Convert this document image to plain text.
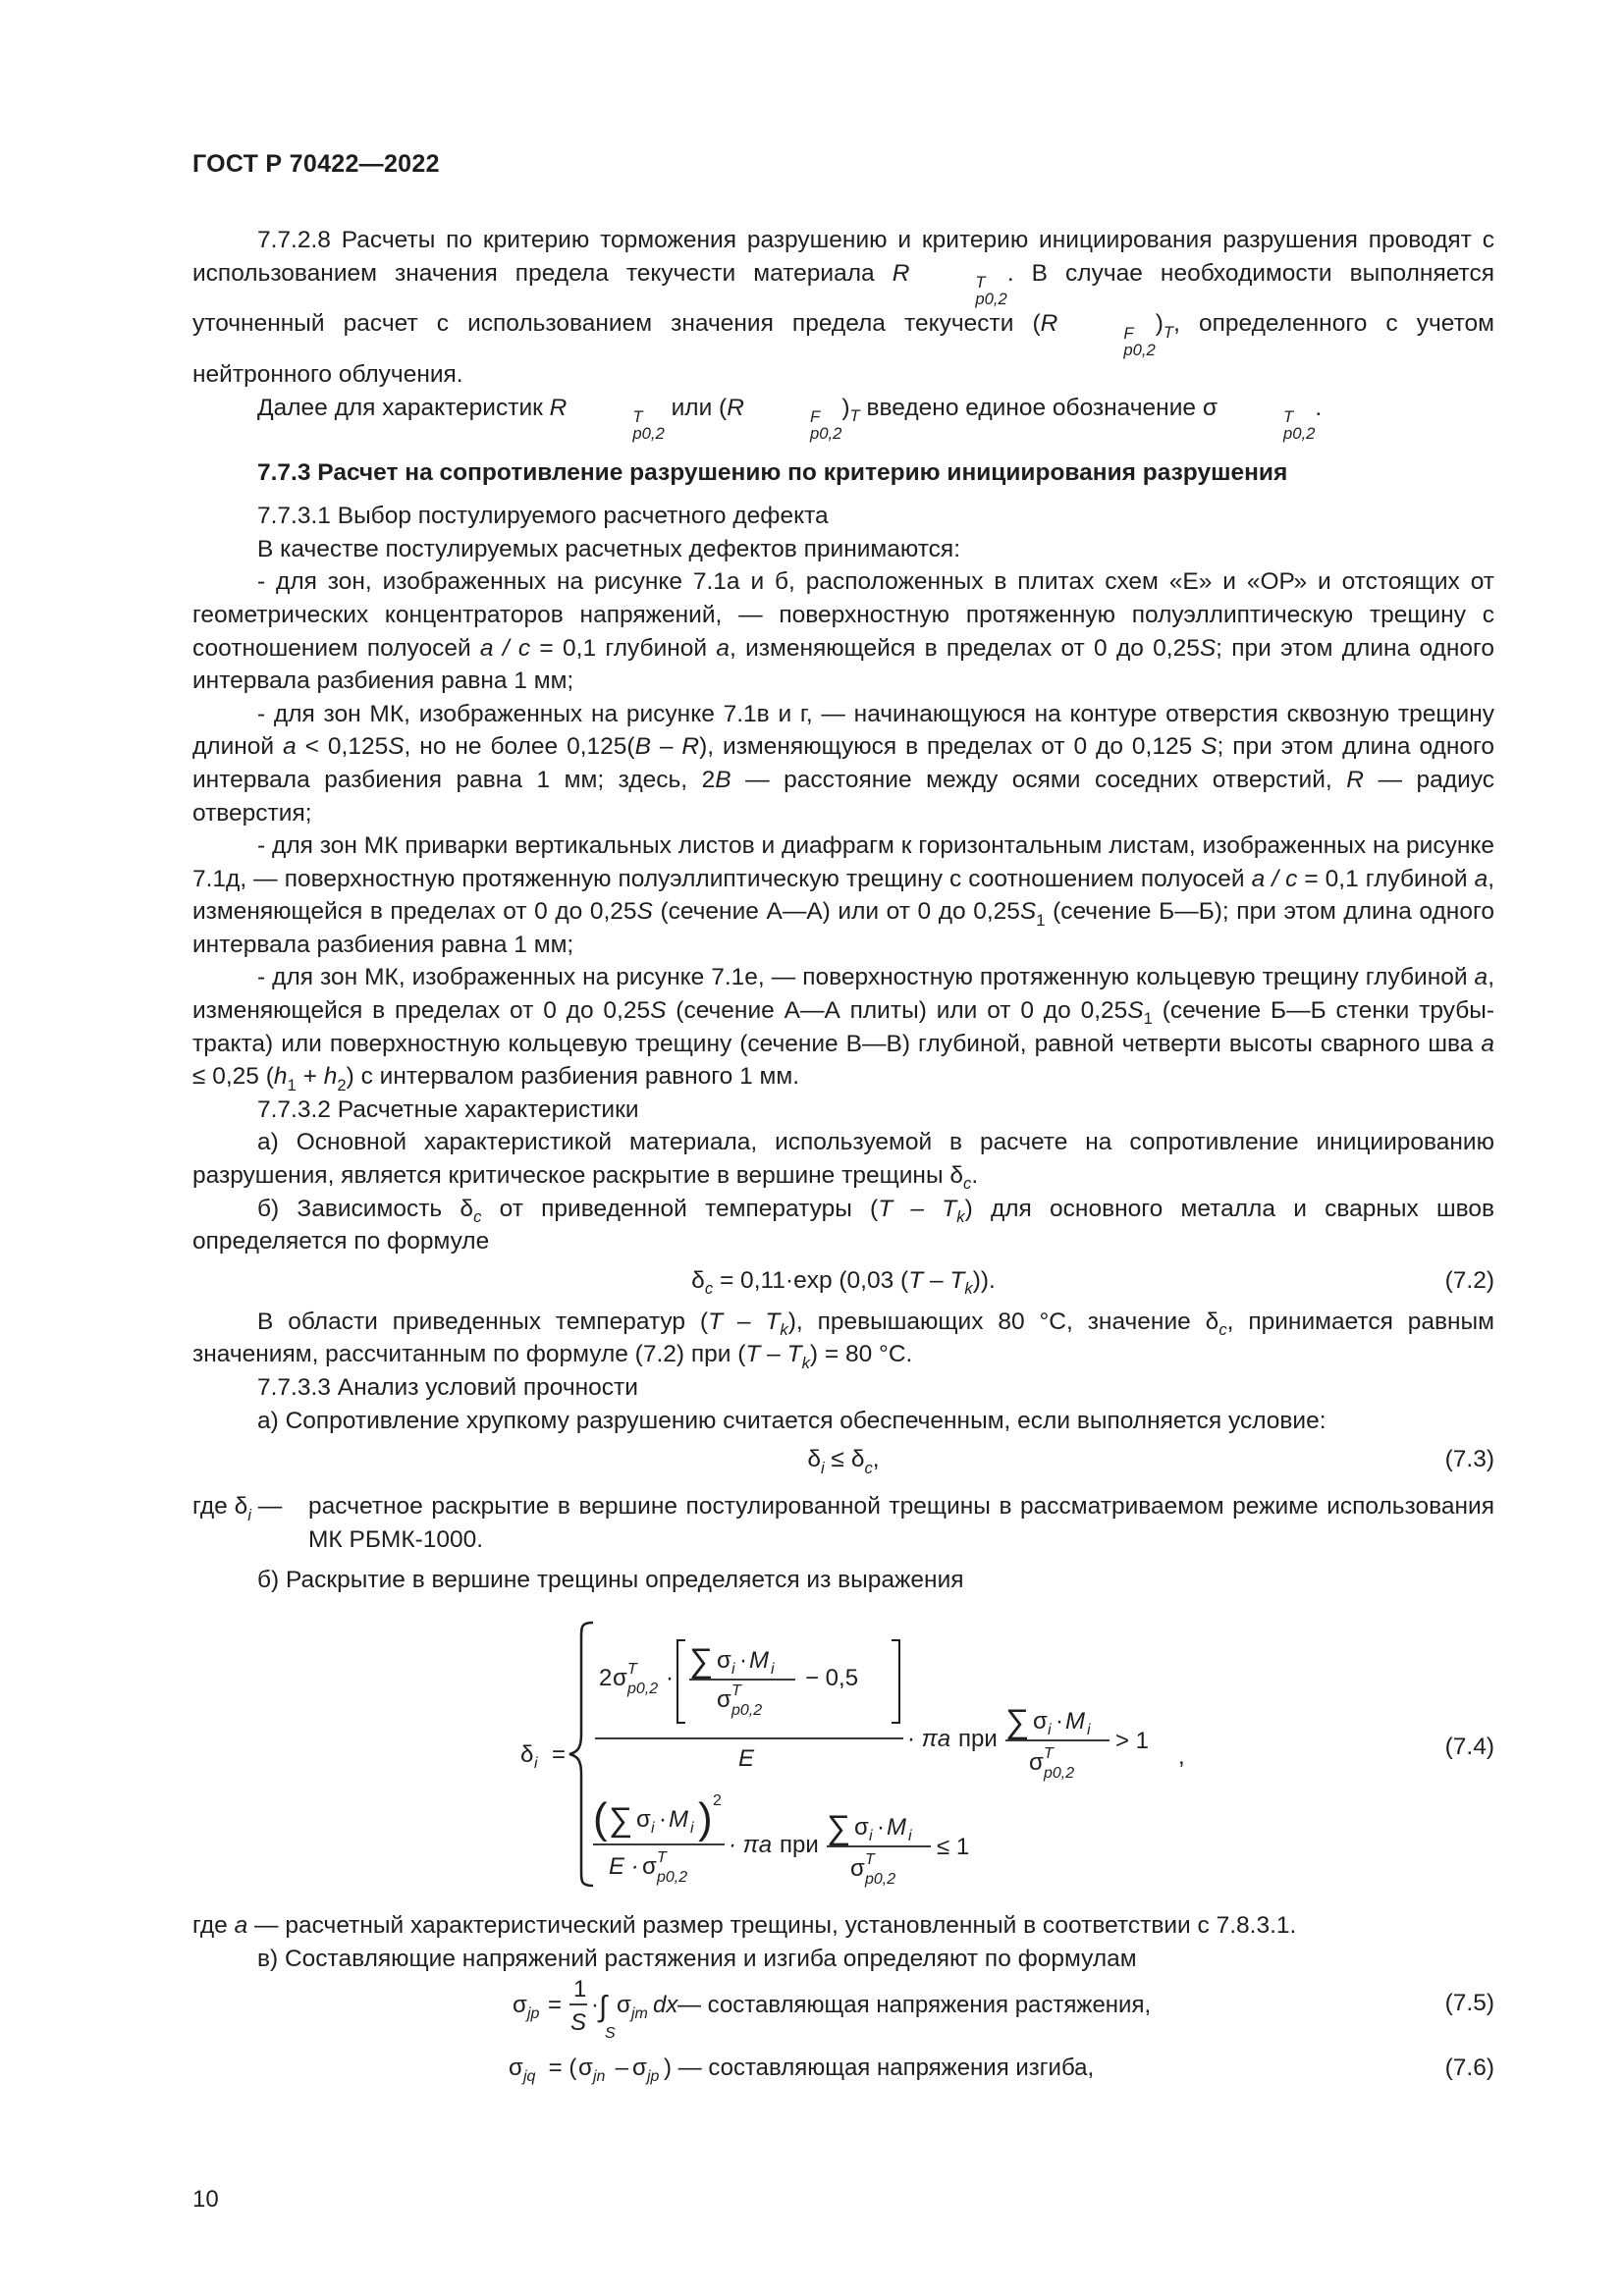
ГОСТ Р 70422—2022

7.7.2.8 Расчеты по критерию торможения разрушению и критерию инициирования разрушения проводят с использованием значения предела текучести материала R	T
p0,2
. В случае необходимости выполняется уточненный расчет с использованием значения предела текучести (R	F
p0,2
)$_T$, определенного с учетом нейтронного облучения.

Далее для характеристик R	T
p0,2
или (R	F
p0,2
)$_T$ введено единое обозначение σ	T
p0,2
.

7.7.3 Расчет на сопротивление разрушению по критерию инициирования разрушения

7.7.3.1 Выбор постулируемого расчетного дефекта

В качестве постулируемых расчетных дефектов принимаются:

- для зон, изображенных на рисунке 7.1а и б, расположенных в плитах схем «Е» и «ОР» и отстоящих от геометрических концентраторов напряжений, — поверхностную протяженную полуэллиптическую трещину с соотношением полуосей a / c = 0,1 глубиной a, изменяющейся в пределах от 0 до 0,25S; при этом длина одного интервала разбиения равна 1 мм;

- для зон МК, изображенных на рисунке 7.1в и г, — начинающуюся на контуре отверстия сквозную трещину длиной a < 0,125S, но не более 0,125(B – R), изменяющуюся в пределах от 0 до 0,125 S; при этом длина одного интервала разбиения равна 1 мм; здесь, 2B — расстояние между осями соседних отверстий, R — радиус отверстия;

- для зон МК приварки вертикальных листов и диафрагм к горизонтальным листам, изображенных на рисунке 7.1д, — поверхностную протяженную полуэллиптическую трещину с соотношением полуосей a / c = 0,1 глубиной a, изменяющейся в пределах от 0 до 0,25S (сечение А—А) или от 0 до $0,25S_1$ (сечение Б—Б); при этом длина одного интервала разбиения равна 1 мм;

- для зон МК, изображенных на рисунке 7.1е, — поверхностную протяженную кольцевую трещину глубиной a, изменяющейся в пределах от 0 до 0,25S (сечение А—А плиты) или от 0 до $0,25S_1$ (сечение Б—Б стенки трубы-тракта) или поверхностную кольцевую трещину (сечение В—В) глубиной, равной четверти высоты сварного шва a ≤ 0,25 $(h_1 + h_2)$ с интервалом разбиения равного 1 мм.

7.7.3.2 Расчетные характеристики

а) Основной характеристикой материала, используемой в расчете на сопротивление инициированию разрушения, является критическое раскрытие в вершине трещины $\delta_c$.

б) Зависимость $\delta_c$ от приведенной температуры $(T - T_k)$ для основного металла и сварных швов определяется по формуле

$\delta_c = 0,11\cdot\exp$ (0,03 $(T - T_k)$).	(7.2)

В области приведенных температур $(T - T_k)$, превышающих 80 °С, значение $\delta_c$, принимается равным значениям, рассчитанным по формуле (7.2) при $(T - T_k) = 80$ °С.

7.7.3.3 Анализ условий прочности

а) Сопротивление хрупкому разрушению считается обеспеченным, если выполняется условие:

$\delta_i \le \delta_c$,	(7.3)
где $\delta_i$ —	расчетное раскрытие в вершине постулированной трещины в рассматриваемом режиме использования МК РБМК-1000.

б) Раскрытие в вершине трещины определяется из выражения

δ i =
2 σ T
p0,2 · ∑ σ i · M i
σ T
p0,2
− 0,5
E
· πa при ∑ σ i · M i
σ T
p0,2
> 1
,
( ∑ σ i · M i ) 2
E · σ T
p0,2
· πa при ∑ σ i · M i
σ T
p0,2
≤ 1
(7.4)

где a — расчетный характеристический размер трещины, установленный в соответствии с 7.8.3.1.

в) Составляющие напряжений растяжения и изгиба определяют по формулам

σ jp =
1
S
· ∫
S
σ jm dx — составляющая напряжения растяжения,	(7.5)
σ jq = ( σ jn –
σ jp ) — составляющая напряжения изгиба,	(7.6)
10
